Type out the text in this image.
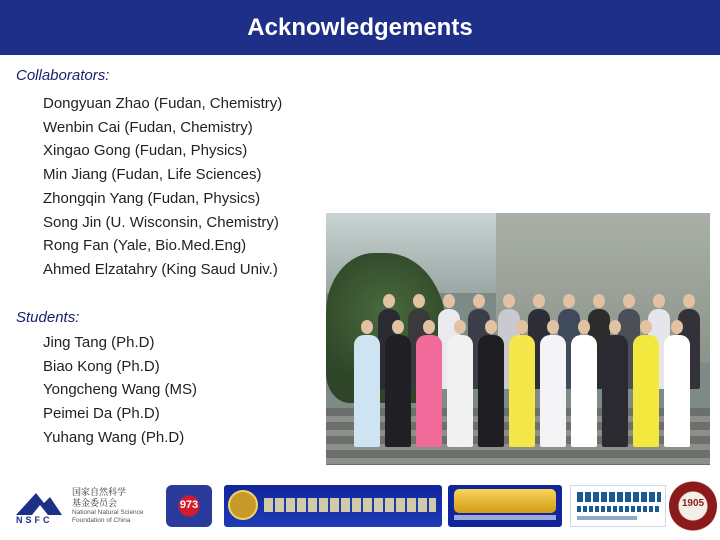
Acknowledgements
Collaborators:
Dongyuan Zhao (Fudan, Chemistry)
Wenbin Cai (Fudan, Chemistry)
Xingao Gong (Fudan, Physics)
Min Jiang (Fudan, Life Sciences)
Zhongqin Yang (Fudan, Physics)
Song Jin (U. Wisconsin, Chemistry)
Rong Fan (Yale, Bio.Med.Eng)
Ahmed Elzatahry (King Saud Univ.)
Students:
Jing Tang (Ph.D)
Biao Kong (Ph.D)
Yongcheng Wang (MS)
Peimei Da (Ph.D)
Yuhang Wang (Ph.D)
NSFC
国家自然科学
基金委员会
National Natural Science
Foundation of China
973	1905
